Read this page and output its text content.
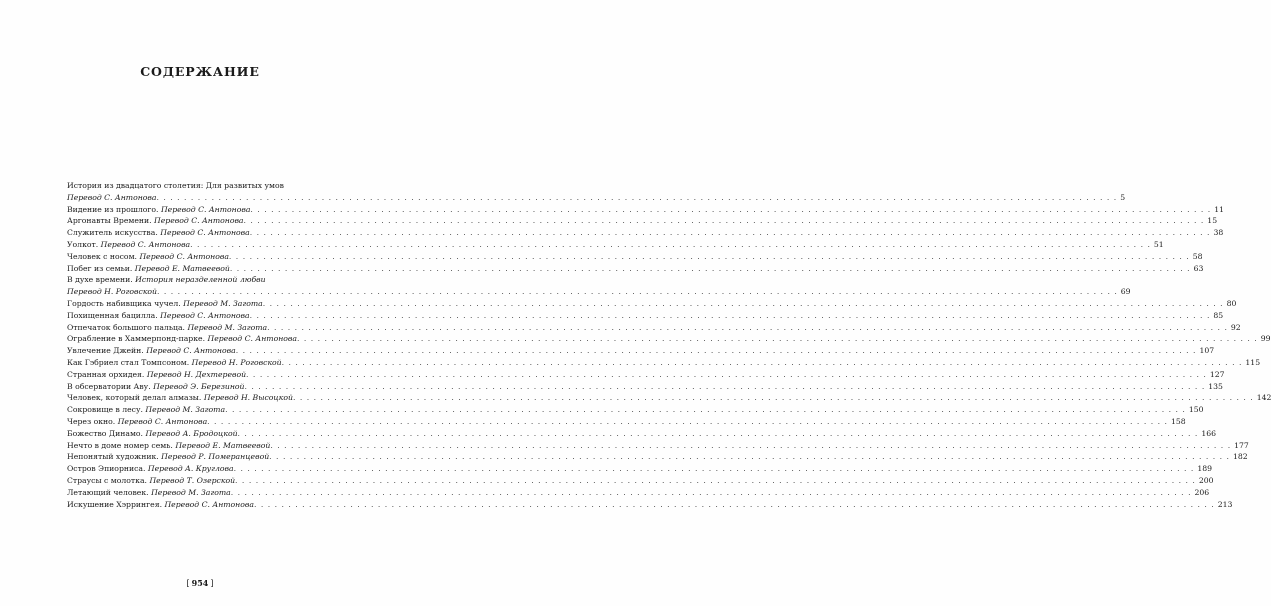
СОДЕРЖАНИЕ
История из двадцатого столетия: Для развитых умов
Перевод С. Антонова . . .	5
Видение из прошлого. Перевод С. Антонова . . .	11
Аргонавты Времени. Перевод С. Антонова . . .	15
Служитель искусства. Перевод С. Антонова . . .	38
Уолкот. Перевод С. Антонова . . .	51
Человек с носом. Перевод С. Антонова . . .	58
Побег из семьи. Перевод Е. Матвеевой . . .	63
В духе времени. История неразделенной любви
Перевод Н. Роговской . . .	69
Гордость набивщика чучел. Перевод М. Загота . . .	80
Похищенная бацилла. Перевод С. Антонова . . .	85
Отпечаток большого пальца. Перевод М. Загота . . .	92
Ограбление в Хаммерпонд-парке. Перевод С. Антонова . . .	99
Увлечение Джейн. Перевод С. Антонова . . .	107
Как Гэбриел стал Томпсоном. Перевод Н. Роговской . . .	115
Странная орхидея. Перевод Н. Дехтеревой . . .	127
В обсерватории Аву. Перевод Э. Березиной . . .	135
Человек, который делал алмазы. Перевод Н. Высоцкой . . .	142
Сокровище в лесу. Перевод М. Загота . . .	150
Через окно. Перевод С. Антонова . . .	158
Божество Динамо. Перевод А. Бродоцкой . . .	166
Нечто в доме номер семь. Перевод Е. Матвеевой . . .	177
Непонятый художник. Перевод Р. Померанцевой . . .	182
Остров Эпиорниса. Перевод А. Кругловa . . .	189
Страусы с молотка. Перевод Т. Озерской . . .	200
Летающий человек. Перевод М. Загота . . .	206
Искушение Хэррингея. Перевод С. Антонова . . .	213
[ 954 ]
